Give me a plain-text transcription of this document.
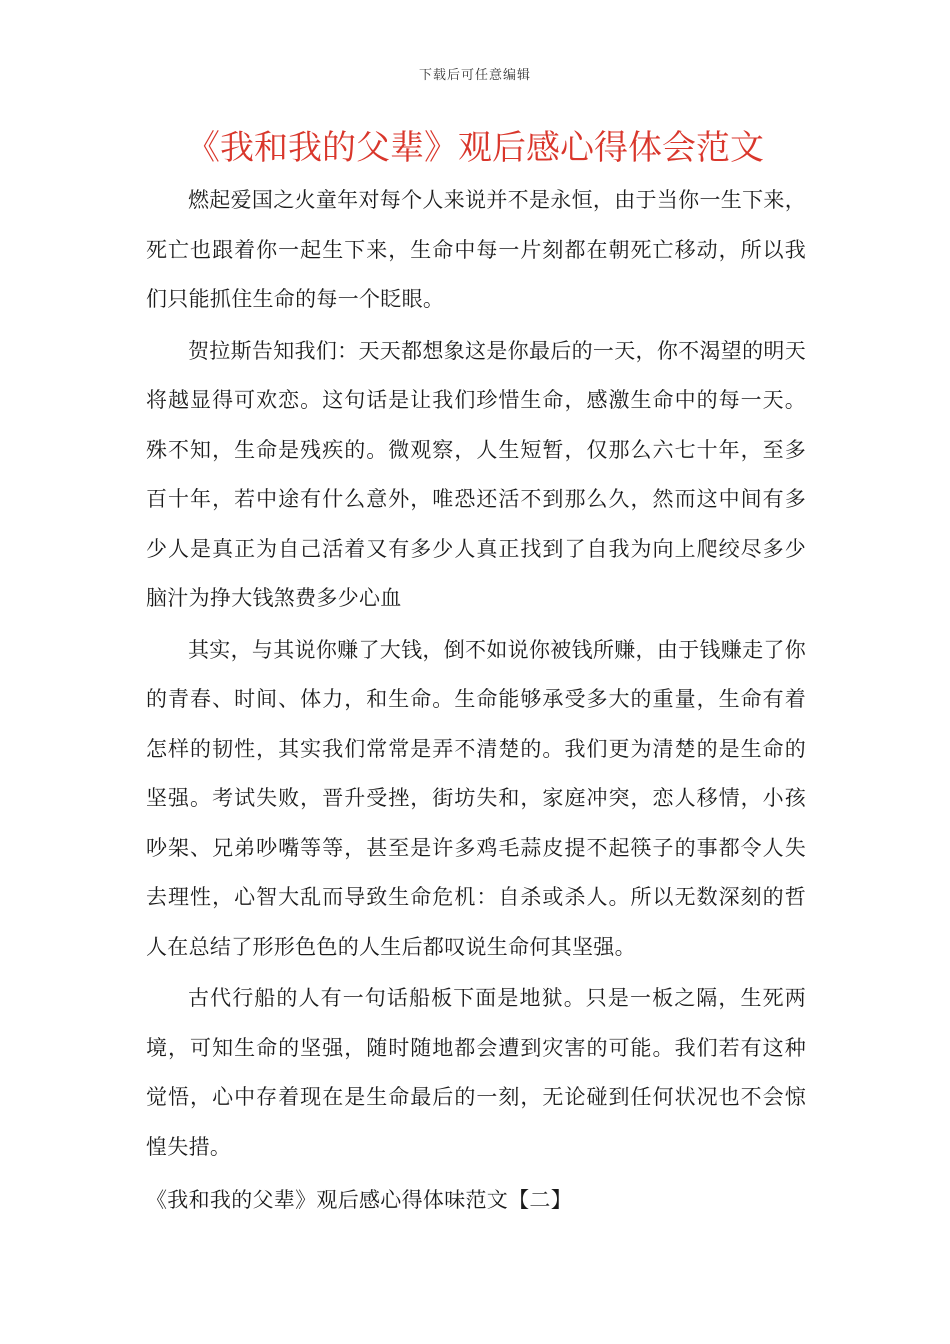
下载后可任意编辑
《我和我的父辈》观后感心得体会范文

燃起爱国之火童年对每个人来说并不是永恒，由于当你一生下来，死亡也跟着你一起生下来，生命中每一片刻都在朝死亡移动，所以我们只能抓住生命的每一个眨眼。

贺拉斯告知我们：天天都想象这是你最后的一天，你不渴望的明天将越显得可欢恋。这句话是让我们珍惜生命，感激生命中的每一天。殊不知，生命是残疾的。微观察，人生短暂，仅那么六七十年，至多百十年，若中途有什么意外，唯恐还活不到那么久，然而这中间有多少人是真正为自己活着又有多少人真正找到了自我为向上爬绞尽多少脑汁为挣大钱煞费多少心血

其实，与其说你赚了大钱，倒不如说你被钱所赚，由于钱赚走了你的青春、时间、体力，和生命。生命能够承受多大的重量，生命有着怎样的韧性，其实我们常常是弄不清楚的。我们更为清楚的是生命的坚强。考试失败，晋升受挫，街坊失和，家庭冲突，恋人移情，小孩吵架、兄弟吵嘴等等，甚至是许多鸡毛蒜皮提不起筷子的事都令人失去理性，心智大乱而导致生命危机：自杀或杀人。所以无数深刻的哲人在总结了形形色色的人生后都叹说生命何其坚强。

古代行船的人有一句话船板下面是地狱。只是一板之隔，生死两境，可知生命的坚强，随时随地都会遭到灾害的可能。我们若有这种觉悟，心中存着现在是生命最后的一刻，无论碰到任何状况也不会惊惶失措。

《我和我的父辈》观后感心得体味范文【二】
